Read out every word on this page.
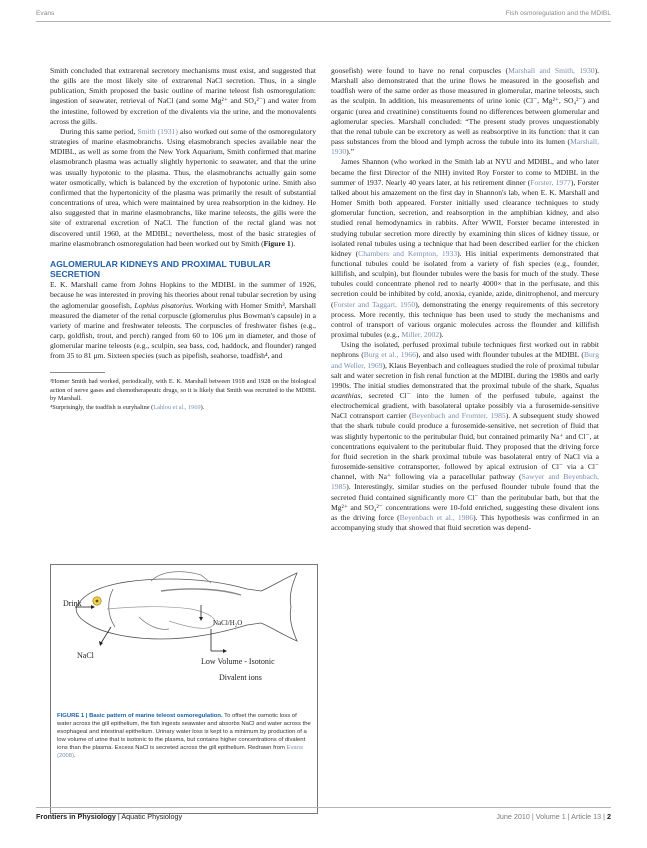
Evans	Fish osmoregulation and the MDIBL

Smith concluded that extrarenal secretory mechanisms must exist, and suggested that the gills are the most likely site of extrarenal NaCl secretion. Thus, in a single publication, Smith proposed the basic outline of marine teleost fish osmoregulation: ingestion of seawater, retrieval of NaCl (and some Mg²⁺ and SO₄²⁻) and water from the intestine, followed by excretion of the divalents via the urine, and the monovalents across the gills.

During this same period, Smith (1931) also worked out some of the osmoregulatory strategies of marine elasmobranchs. Using elasmobranch species available near the MDIBL, as well as some from the New York Aquarium, Smith confirmed that marine elasmobranch plasma was actually slightly hypertonic to seawater, and that the urine was usually hypotonic to the plasma. Thus, the elasmobranchs actually gain some water osmotically, which is balanced by the excretion of hypotonic urine. Smith also confirmed that the hypertonicity of the plasma was primarily the result of substantial concentrations of urea, which were maintained by urea reabsorption in the kidney. He also suggested that in marine elasmobranchs, like marine teleosts, the gills were the site of extrarenal excretion of NaCl. The function of the rectal gland was not discovered until 1960, at the MDIBL; nevertheless, most of the basic strategies of marine elasmobranch osmoregulation had been worked out by Smith (Figure 1).

AGLOMERULAR KIDNEYS AND PROXIMAL TUBULAR SECRETION

E. K. Marshall came from Johns Hopkins to the MDIBL in the summer of 1926, because he was interested in proving his theories about renal tubular secretion by using the aglomerular goosefish, Lophius pisatorius. Working with Homer Smith³, Marshall measured the diameter of the renal corpuscle (glomerulus plus Bowman's capsule) in a variety of marine and freshwater teleosts. The corpuscles of freshwater fishes (e.g., carp, goldfish, trout, and perch) ranged from 60 to 106 μm in diameter, and those of glomerular marine teleosts (e.g., sculpin, sea bass, cod, haddock, and flounder) ranged from 35 to 81 μm. Sixteen species (such as pipefish, seahorse, toadfish⁴, and

³Homer Smith had worked, periodically, with E. K. Marshall between 1918 and 1928 on the biological action of nerve gases and chemotherapeutic drugs, so it is likely that Smith was recruited to the MDIBL by Marshall.

⁴Surprisingly, the toadfish is euryhaline (Lahlou et al., 1969).

Drink
NaCl/H₂O
NaCl
Low Volume - Isotonic
Divalent ions
FIGURE 1 | Basic pattern of marine teleost osmoregulation. To offset the osmotic loss of water across the gill epithelium, the fish ingests seawater and absorbs NaCl and water across the esophageal and intestinal epithelium. Urinary water loss is kept to a minimum by production of a low volume of urine that is isotonic to the plasma, but contains higher concentrations of divalent ions than the plasma. Excess NaCl is secreted across the gill epithelium. Redrawn from Evans (2008).

goosefish) were found to have no renal corpuscles (Marshall and Smith, 1930). Marshall also demonstrated that the urine flows he measured in the goosefish and toadfish were of the same order as those measured in glomerular, marine teleosts, such as the sculpin. In addition, his measurements of urine ionic (Cl⁻, Mg²⁺, SO₄²⁻) and organic (urea and creatinine) constituents found no differences between glomerular and aglomerular species. Marshall concluded: “The present study proves unquestionably that the renal tubule can be excretory as well as reabsorptive in its function: that it can pass substances from the blood and lymph across the tubule into its lumen (Marshall, 1930).”

James Shannon (who worked in the Smith lab at NYU and MDIBL, and who later became the first Director of the NIH) invited Roy Forster to come to MDIBL in the summer of 1937. Nearly 40 years later, at his retirement dinner (Forster, 1977), Forster talked about his amazement on the first day in Shannon's lab, when E. K. Marshall and Homer Smith both appeared. Forster initially used clearance techniques to study glomerular function, secretion, and reabsorption in the amphibian kidney, and also studied renal hemodynamics in rabbits. After WWII, Forster became interested in studying tubular secretion more directly by examining thin slices of kidney tissue, or isolated renal tubules using a technique that had been described earlier for the chicken kidney (Chambers and Kempton, 1933). His initial experiments demonstrated that functional tubules could be isolated from a variety of fish species (e.g., founder, killifish, and sculpin), but flounder tubules were the basis for much of the study. These tubules could concentrate phenol red to nearly 4000× that in the perfusate, and this secretion could be inhibited by cold, anoxia, cyanide, azide, dinitrophenol, and mercury (Forster and Taggart, 1950), demonstrating the energy requirements of this secretory process. More recently, this technique has been used to study the mechanisms and control of transport of various organic molecules across the flounder and killifish proximal tubules (e.g., Miller, 2002).

Using the isolated, perfused proximal tubule techniques first worked out in rabbit nephrons (Burg et al., 1966), and also used with flounder tubules at the MDIBL (Burg and Weller, 1969), Klaus Beyenbach and colleagues studied the role of proximal tubular salt and water secretion in fish renal function at the MDIBL during the 1980s and early 1990s. The initial studies demonstrated that the proximal tubule of the shark, Squalus acanthias, secreted Cl⁻ into the lumen of the perfused tubule, against the electrochemical gradient, with basolateral uptake possibly via a furosemide-sensitive NaCl cotransport carrier (Beyenbach and Fromter, 1985). A subsequent study showed that the shark tubule could produce a furosemide-sensitive, net secretion of fluid that was slightly hypertonic to the peritubular fluid, but contained primarily Na⁺ and Cl⁻, at concentrations equivalent to the peritubular fluid. They proposed that the driving force for fluid secretion in the shark proximal tubule was basolateral entry of NaCl via a furosemide-sensitive cotransporter, followed by apical extrusion of Cl⁻ via a Cl⁻ channel, with Na⁺ following via a paracellular pathway (Sawyer and Beyenbach, 1985). Interestingly, similar studies on the perfused flounder tubule found that the secreted fluid contained significantly more Cl⁻ than the peritubular bath, but that the Mg²⁺ and SO₄²⁻ concentrations were 10-fold enriched, suggesting these divalent ions as the driving force (Beyenbach et al., 1986). This hypothesis was confirmed in an accompanying study that showed that fluid secretion was depend-

Frontiers in Physiology | Aquatic Physiology	June 2010 | Volume 1 | Article 13 | 2
